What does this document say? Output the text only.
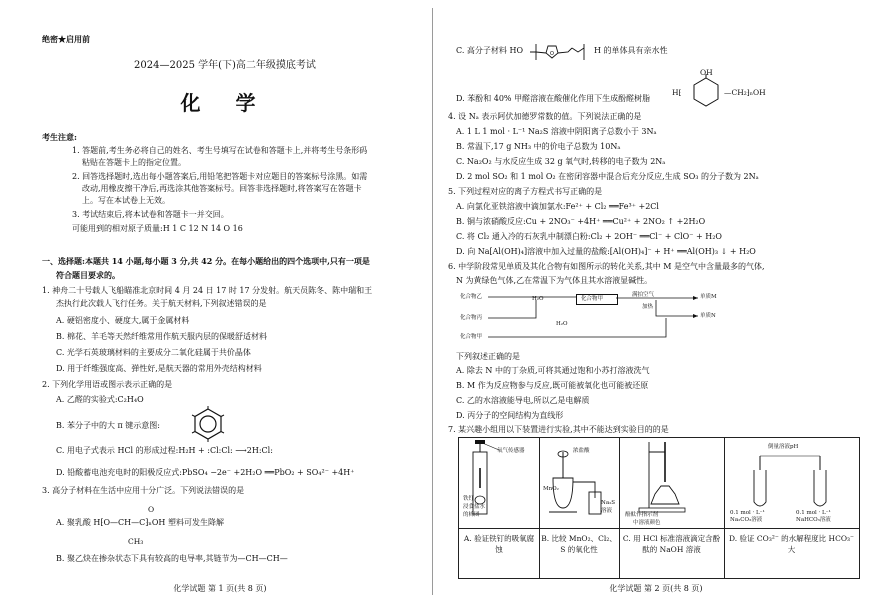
绝密★启用前
2024—2025 学年(下)高二年级摸底考试
化 学
考生注意:
1. 答题前,考生务必将自己的姓名、考生号填写在试卷和答题卡上,并将考生号条形码
粘贴在答题卡上的指定位置。
2. 回答选择题时,选出每小题答案后,用铅笔把答题卡对应题目的答案标号涂黑。如需
改动,用橡皮擦干净后,再选涂其他答案标号。回答非选择题时,将答案写在答题卡
上。写在本试卷上无效。
3. 考试结束后,将本试卷和答题卡一并交回。
可能用到的相对原子质量:H 1 C 12 N 14 O 16
一、选择题:本题共 14 小题,每小题 3 分,共 42 分。在每小题给出的四个选项中,只有一项是
符合题目要求的。
1. 神舟二十号载人飞船瞄准北京时间 4 月 24 日 17 时 17 分发射。航天员陈冬、陈中瑞和王
杰执行此次载人飞行任务。关于航天材料,下列叙述错误的是
A. 硬铝密度小、硬度大,属于金属材料
B. 棉花、羊毛等天然纤维常用作航天服内层的保暖舒适材料
C. 光学石英玻璃材料的主要成分二氧化硅属于共价晶体
D. 用于纤维强度高、弹性好,是航天器的常用外壳结构材料
2. 下列化学用语或图示表示正确的是
A. 乙醛的实验式:C₂H₄O
B. 苯分子中的大 π 键示意图:
C. 用电子式表示 HCl 的形成过程:H₂H + :Cl:Cl: ⟶2H:Cl:
D. 铅酸蓄电池充电时的阳极反应式:PbSO₄ −2e⁻ +2H₂O ══PbO₂ + SO₄²⁻ +4H⁺
3. 高分子材料在生活中应用十分广泛。下列说法错误的是
O
A. 聚乳酸 H⁅O—CH—C⁆ₙOH 塑料可发生降解
CH₃
B. 聚乙炔在掺杂状态下具有较高的电导率,其链节为—CH—CH—
化学试题 第 1 页(共 8 页)
C. 高分子材料 HO	O	H 的单体具有亲水性
OH
H⁅	—CH₂⁆ₙOH
D. 苯酚和 40% 甲醛溶液在酸催化作用下生成酚醛树脂
4. 设 Nₐ 表示阿伏加德罗常数的值。下列说法正确的是
A. 1 L 1 mol · L⁻¹ Na₂S 溶液中阴阳离子总数小于 3Nₐ
B. 常温下,17 g NH₃ 中的价电子总数为 10Nₐ
C. Na₂O₂ 与水反应生成 32 g 氧气时,转移的电子数为 2Nₐ
D. 2 mol SO₂ 和 1 mol O₂ 在密闭容器中混合后充分反应,生成 SO₃ 的分子数为 2Nₐ
5. 下列过程对应的离子方程式书写正确的是
A. 向氯化亚铁溶液中滴加氯水:Fe²⁺ + Cl₂ ══Fe³⁺ +2Cl
B. 铜与浓硝酸反应:Cu + 2NO₃⁻ +4H⁺ ══Cu²⁺ + 2NO₂ ↑ +2H₂O
C. 将 Cl₂ 通入冷的石灰乳中制漂白粉:Cl₂ + 2OH⁻ ══Cl⁻ + ClO⁻ + H₂O
D. 向 Na[Al(OH)₄]溶液中加入过量的盐酸:[Al(OH)₄]⁻ + H⁺ ══Al(OH)₃ ↓ + H₂O
6. 中学阶段常见单质及其化合物有如图所示的转化关系,其中 M 是空气中含量最多的气体,
N 为黄绿色气体,乙在常温下为气体且其水溶液显碱性。
化合物乙
化合物丙
化合物甲
H₂O	化合物甲
满拍空气
加热
单质M
单质N
H₂O
下列叙述正确的是
A. 除去 N 中的丁杂质,可将其通过饱和小苏打溶液洗气
B. M 作为反应物参与反应,既可能被氧化也可能被还原
C. 乙的水溶液能导电,所以乙是电解质
D. 丙分子的空间结构为直线形
7. 某兴趣小组用以下装置进行实验,其中不能达到实验目的的是
化学试题 第 2 页(共 8 页)
氧气传感器
铁钉
浸食盐水
的棉团
A. 验证铁钉的吸氧腐蚀
浓盐酸
MnO₂
Na₂S
溶液
B. 比较 MnO₂、Cl₂、S 的氧化性
酚酞作指示剂
中溶液颜色
C. 用 HCl 标准溶液滴定含酚酞的 NaOH 溶液
倒量溶液pH
0.1 mol · L⁻¹
Na₂CO₃溶液
0.1 mol · L⁻¹
NaHCO₃溶液
D. 验证 CO₃²⁻ 的水解程度比 HCO₃⁻ 大
